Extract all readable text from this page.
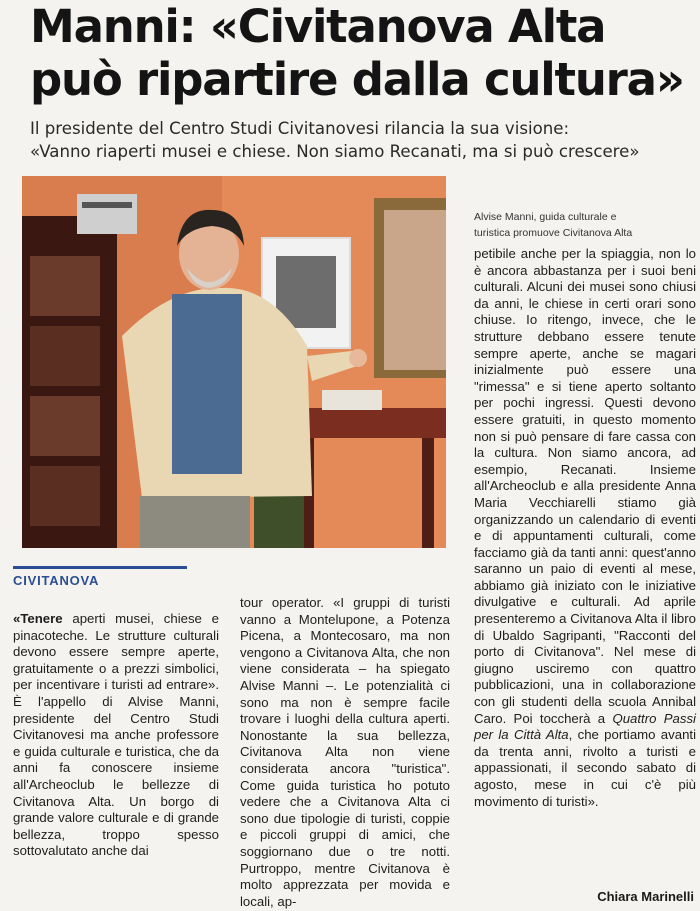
Manni: «Civitanova Alta
può ripartire dalla cultura»
Il presidente del Centro Studi Civitanovesi rilancia la sua visione:
«Vanno riaperti musei e chiese. Non siamo Recanati, ma si può crescere»
Alvise Manni, guida culturale e
turistica promuove Civitanova Alta
CIVITANOVA

«Tenere aperti musei, chiese e pinacoteche. Le strutture culturali devono essere sempre aperte, gratuitamente o a prezzi simbolici, per incentivare i turisti ad entrare». È l'appello di Alvise Manni, presidente del Centro Studi Civitanovesi ma anche professore e guida culturale e turistica, che da anni fa conoscere insieme all'Archeoclub le bellezze di Civitanova Alta. Un borgo di grande valore culturale e di grande bellezza, troppo spesso sottovalutato anche dai

tour operator. «I gruppi di turisti vanno a Montelupone, a Potenza Picena, a Montecosaro, ma non vengono a Civitanova Alta, che non viene considerata – ha spiegato Alvise Manni –. Le potenzialità ci sono ma non è sempre facile trovare i luoghi della cultura aperti. Nonostante la sua bellezza, Civitanova Alta non viene considerata ancora "turistica". Come guida turistica ho potuto vedere che a Civitanova Alta ci sono due tipologie di turisti, coppie e piccoli gruppi di amici, che soggiornano due o tre notti. Purtroppo, mentre Civitanova è molto apprezzata per movida e locali, ap-

petibile anche per la spiaggia, non lo è ancora abbastanza per i suoi beni culturali. Alcuni dei musei sono chiusi da anni, le chiese in certi orari sono chiuse. Io ritengo, invece, che le strutture debbano essere tenute sempre aperte, anche se magari inizialmente può essere una "rimessa" e si tiene aperto soltanto per pochi ingressi. Questi devono essere gratuiti, in questo momento non si può pensare di fare cassa con la cultura. Non siamo ancora, ad esempio, Recanati. Insieme all'Archeoclub e alla presidente Anna Maria Vecchiarelli stiamo già organizzando un calendario di eventi e di appuntamenti culturali, come facciamo già da tanti anni: quest'anno saranno un paio di eventi al mese, abbiamo già iniziato con le iniziative divulgative e culturali. Ad aprile presenteremo a Civitanova Alta il libro di Ubaldo Sagripanti, "Racconti del porto di Civitanova". Nel mese di giugno usciremo con quattro pubblicazioni, una in collaborazione con gli studenti della scuola Annibal Caro. Poi toccherà a Quattro Passi per la Città Alta, che portiamo avanti da trenta anni, rivolto a turisti e appassionati, il secondo sabato di agosto, mese in cui c'è più movimento di turisti».

Chiara Marinelli
